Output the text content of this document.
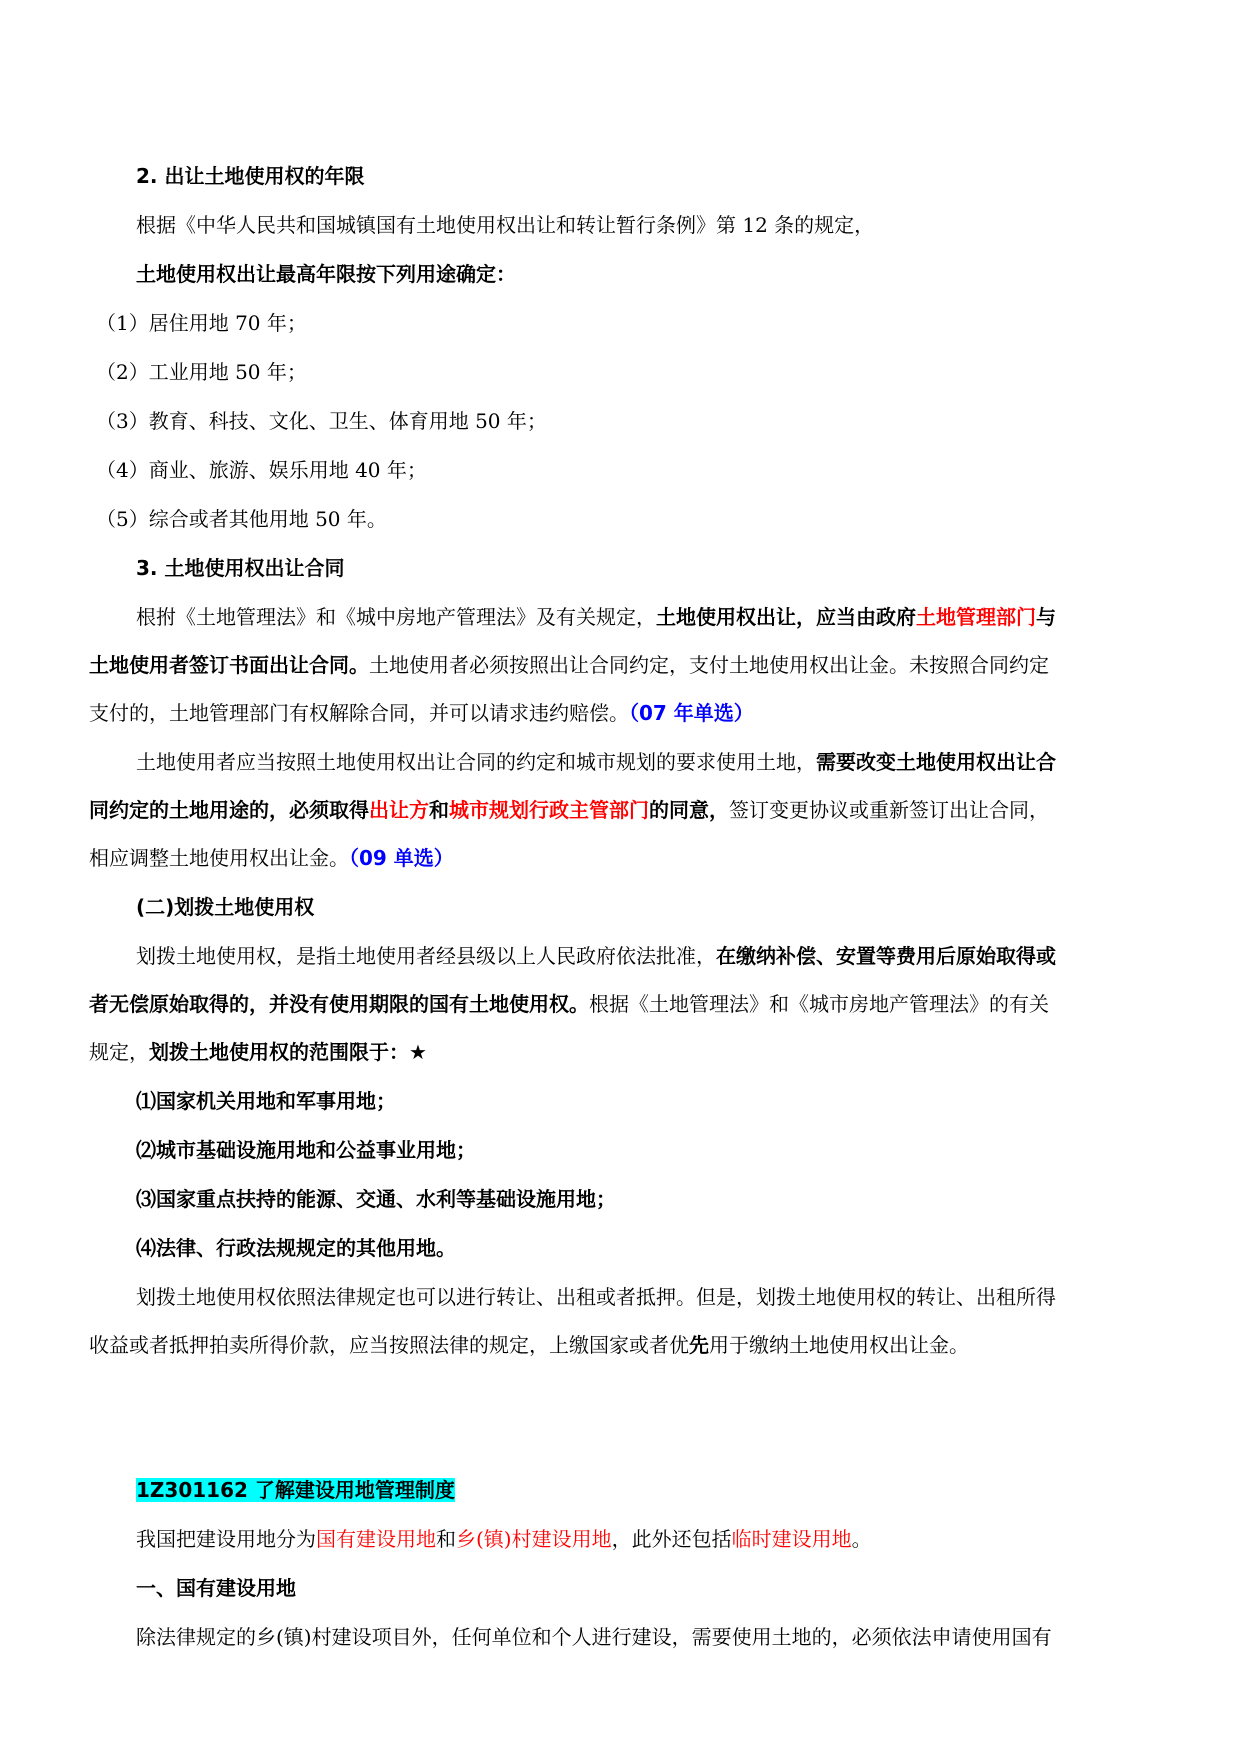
2. 出让土地使用权的年限
根据《中华人民共和国城镇国有土地使用权出让和转让暂行条例》第 12 条的规定，
土地使用权出让最高年限按下列用途确定：
（1）居住用地 70 年；
（2）工业用地 50 年；
（3）教育、科技、文化、卫生、体育用地 50 年；
（4）商业、旅游、娱乐用地 40 年；
（5）综合或者其他用地 50 年。
3. 土地使用权出让合同
根拊《土地管理法》和《城中房地产管理法》及有关规定，土地使用权出让，应当由政府土地管理部门与
土地使用者签订书面出让合同。土地使用者必须按照出让合同约定，支付土地使用权出让金。未按照合同约定
支付的，土地管理部门有权解除合同，并可以请求违约赔偿。（07 年单选）
土地使用者应当按照土地使用权出让合同的约定和城市规划的要求使用土地，需要改变土地使用权出让合
同约定的土地用途的，必须取得出让方和城市规划行政主管部门的同意，签订变更协议或重新签订出让合同，
相应调整土地使用权出让金。（09 单选）
(二)划拨土地使用权
划拨土地使用权，是指土地使用者经县级以上人民政府依法批准，在缴纳补偿、安置等费用后原始取得或
者无偿原始取得的，并没有使用期限的国有土地使用权。根据《土地管理法》和《城市房地产管理法》的有关
规定，划拨土地使用权的范围限于：★
⑴国家机关用地和军事用地；
⑵城市基础设施用地和公益事业用地；
⑶国家重点扶持的能源、交通、水利等基础设施用地；
⑷法律、行政法规规定的其他用地。
划拨土地使用权依照法律规定也可以进行转让、出租或者抵押。但是，划拨土地使用权的转让、出租所得
收益或者抵押拍卖所得价款，应当按照法律的规定，上缴国家或者优先用于缴纳土地使用权出让金。
1Z301162 了解建设用地管理制度
我国把建设用地分为国有建设用地和乡(镇)村建设用地，此外还包括临时建设用地。
一、国有建设用地
除法律规定的乡(镇)村建设项目外，任何单位和个人进行建设，需要使用土地的，必须依法申请使用国有
